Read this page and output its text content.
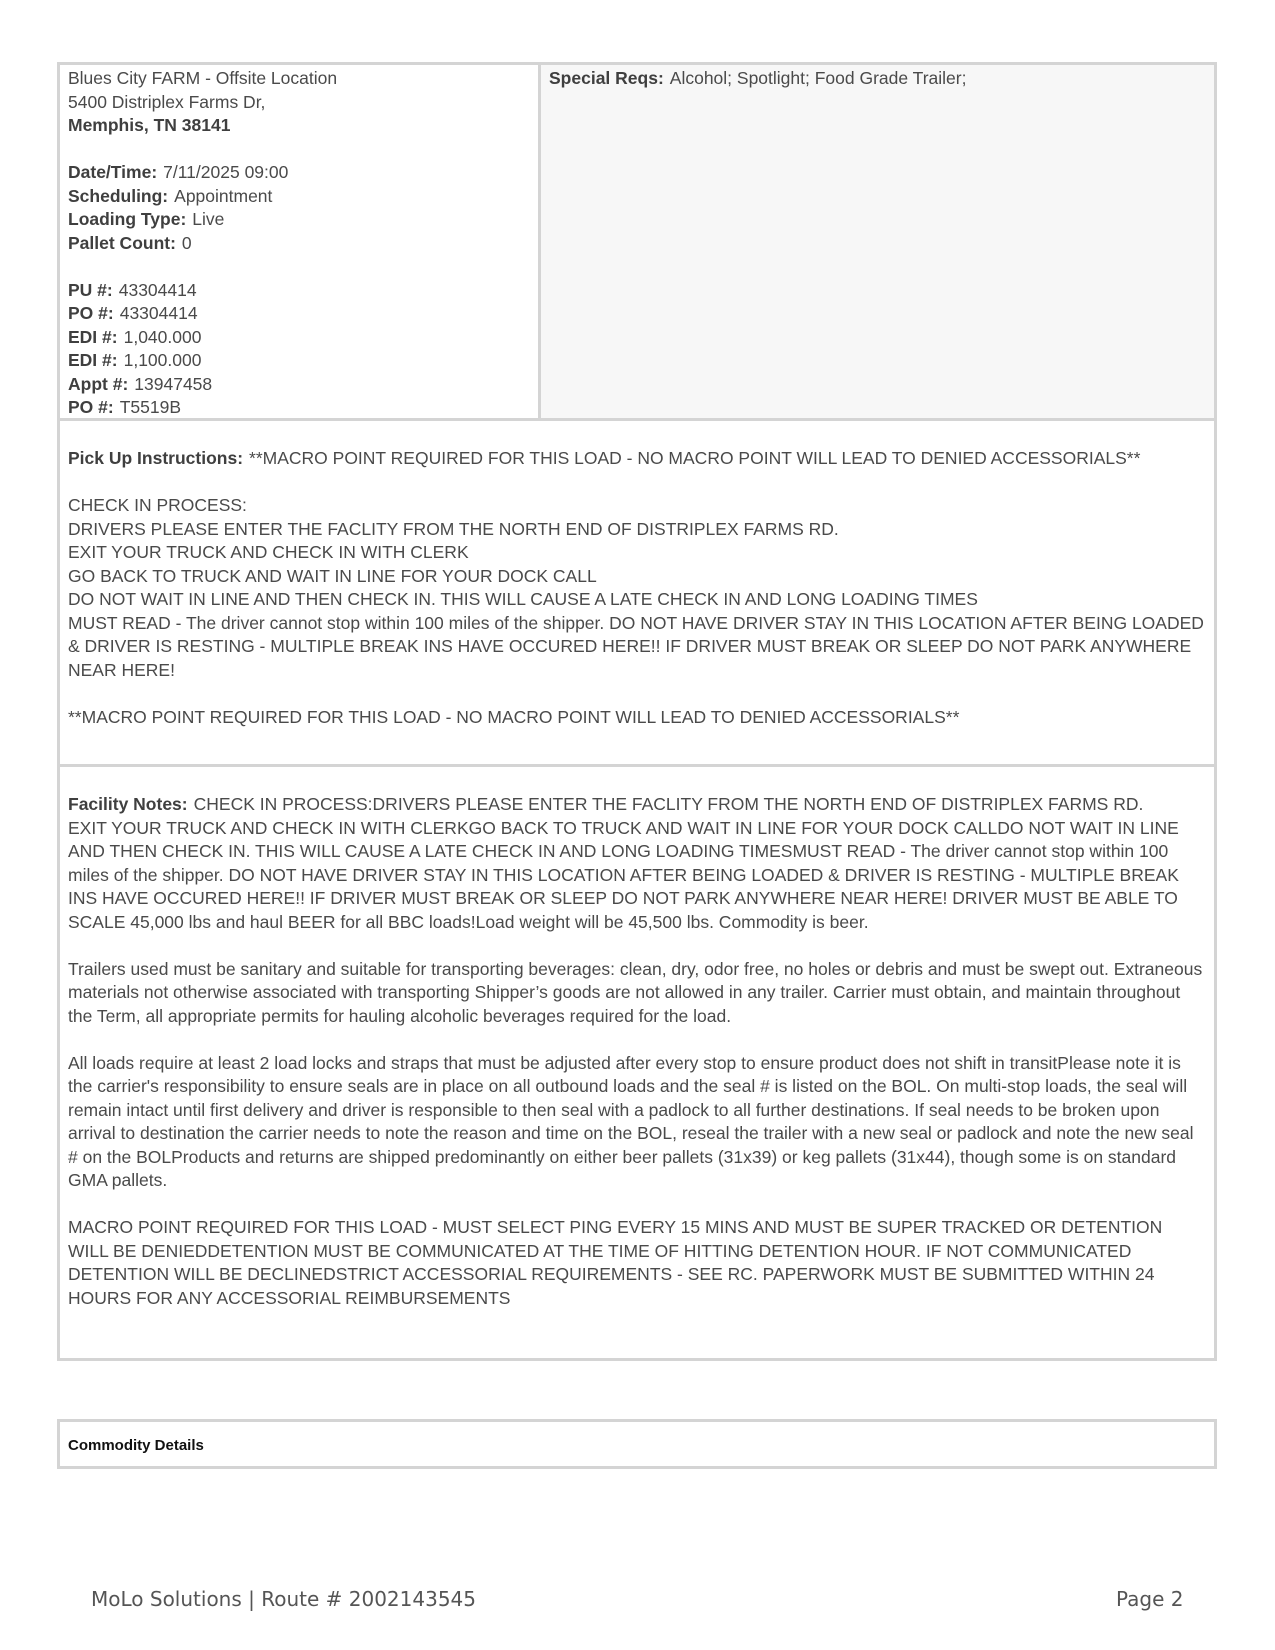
Blues City FARM - Offsite Location
5400 Distriplex Farms Dr,
Memphis, TN 38141
Date/Time: 7/11/2025 09:00
Scheduling: Appointment
Loading Type: Live
Pallet Count: 0
PU #: 43304414
PO #: 43304414
EDI #: 1,040.000
EDI #: 1,100.000
Appt #: 13947458
PO #: T5519B
Special Reqs: Alcohol; Spotlight; Food Grade Trailer;
Pick Up Instructions: **MACRO POINT REQUIRED FOR THIS LOAD - NO MACRO POINT WILL LEAD TO DENIED ACCESSORIALS**
CHECK IN PROCESS:
DRIVERS PLEASE ENTER THE FACLITY FROM THE NORTH END OF DISTRIPLEX FARMS RD.
EXIT YOUR TRUCK AND CHECK IN WITH CLERK
GO BACK TO TRUCK AND WAIT IN LINE FOR YOUR DOCK CALL
DO NOT WAIT IN LINE AND THEN CHECK IN. THIS WILL CAUSE A LATE CHECK IN AND LONG LOADING TIMES
MUST READ - The driver cannot stop within 100 miles of the shipper. DO NOT HAVE DRIVER STAY IN THIS LOCATION AFTER BEING LOADED & DRIVER IS RESTING - MULTIPLE BREAK INS HAVE OCCURED HERE!! IF DRIVER MUST BREAK OR SLEEP DO NOT PARK ANYWHERE NEAR HERE!
**MACRO POINT REQUIRED FOR THIS LOAD - NO MACRO POINT WILL LEAD TO DENIED ACCESSORIALS**
Facility Notes: CHECK IN PROCESS:DRIVERS PLEASE ENTER THE FACLITY FROM THE NORTH END OF DISTRIPLEX FARMS RD.
EXIT YOUR TRUCK AND CHECK IN WITH CLERKGO BACK TO TRUCK AND WAIT IN LINE FOR YOUR DOCK CALLDO NOT WAIT IN LINE AND THEN CHECK IN. THIS WILL CAUSE A LATE CHECK IN AND LONG LOADING TIMESMUST READ - The driver cannot stop within 100 miles of the shipper. DO NOT HAVE DRIVER STAY IN THIS LOCATION AFTER BEING LOADED & DRIVER IS RESTING - MULTIPLE BREAK INS HAVE OCCURED HERE!! IF DRIVER MUST BREAK OR SLEEP DO NOT PARK ANYWHERE NEAR HERE! DRIVER MUST BE ABLE TO SCALE 45,000 lbs and haul BEER for all BBC loads!Load weight will be 45,500 lbs. Commodity is beer.
Trailers used must be sanitary and suitable for transporting beverages: clean, dry, odor free, no holes or debris and must be swept out. Extraneous materials not otherwise associated with transporting Shipper’s goods are not allowed in any trailer. Carrier must obtain, and maintain throughout the Term, all appropriate permits for hauling alcoholic beverages required for the load.
All loads require at least 2 load locks and straps that must be adjusted after every stop to ensure product does not shift in transitPlease note it is the carrier's responsibility to ensure seals are in place on all outbound loads and the seal # is listed on the BOL. On multi-stop loads, the seal will remain intact until first delivery and driver is responsible to then seal with a padlock to all further destinations. If seal needs to be broken upon arrival to destination the carrier needs to note the reason and time on the BOL, reseal the trailer with a new seal or padlock and note the new seal # on the BOLProducts and returns are shipped predominantly on either beer pallets (31x39) or keg pallets (31x44), though some is on standard GMA pallets.
MACRO POINT REQUIRED FOR THIS LOAD - MUST SELECT PING EVERY 15 MINS AND MUST BE SUPER TRACKED OR DETENTION WILL BE DENIEDDETENTION MUST BE COMMUNICATED AT THE TIME OF HITTING DETENTION HOUR. IF NOT COMMUNICATED DETENTION WILL BE DECLINEDSTRICT ACCESSORIAL REQUIREMENTS - SEE RC. PAPERWORK MUST BE SUBMITTED WITHIN 24 HOURS FOR ANY ACCESSORIAL REIMBURSEMENTS
Commodity Details
MoLo Solutions | Route # 2002143545	Page 2
